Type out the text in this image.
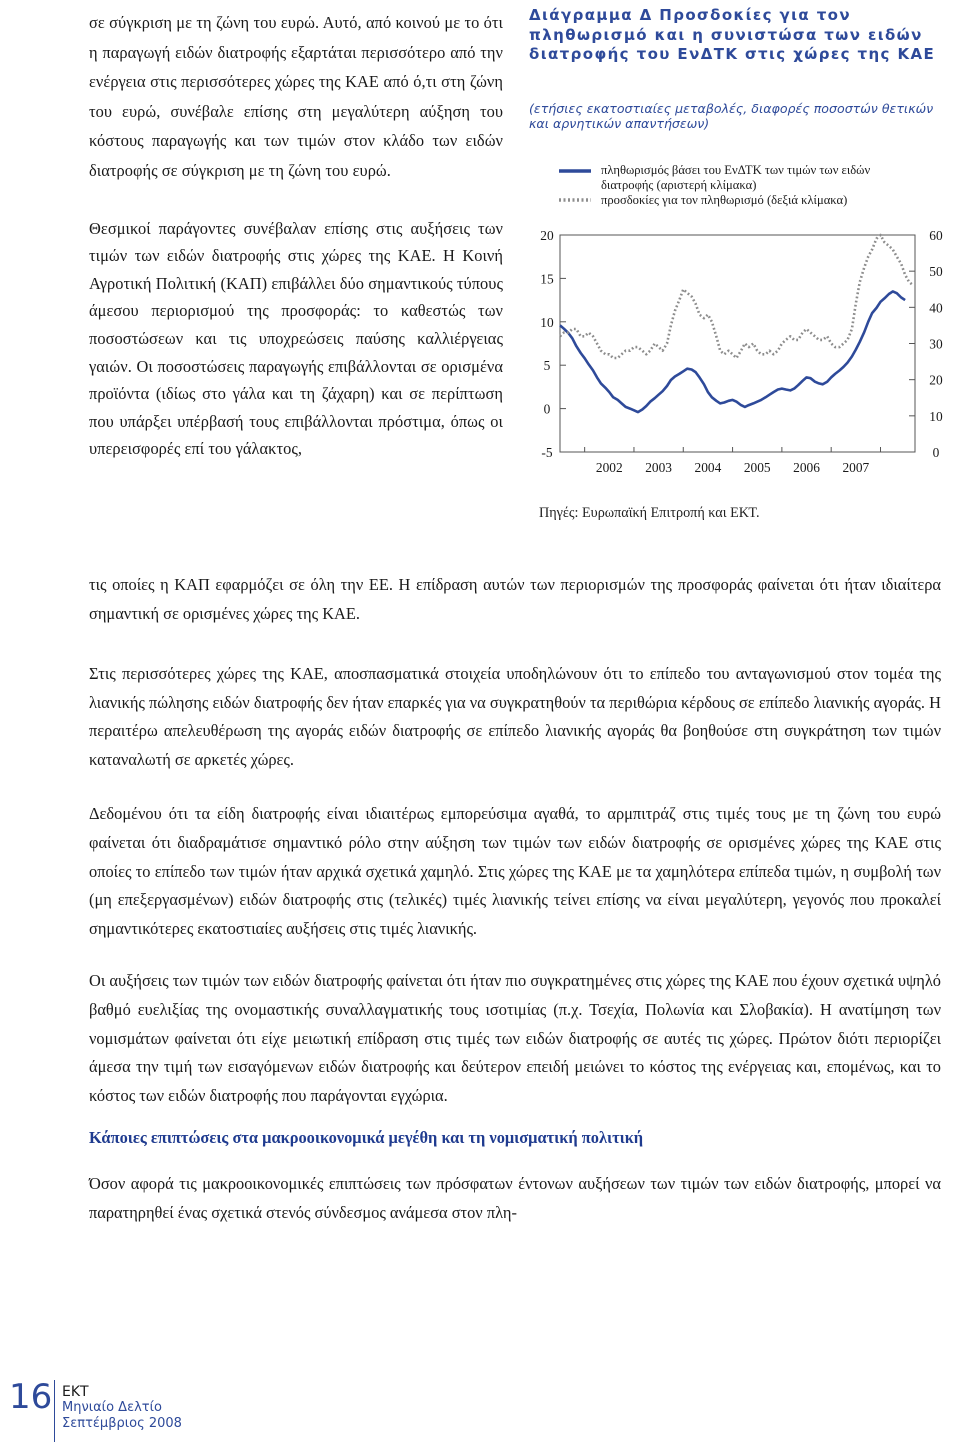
σε σύγκριση με τη ζώνη του ευρώ. Αυτό, από κοινού με το ότι η παραγωγή ειδών διατροφής εξαρτάται περισσότερο από την ενέργεια στις περισσότερες χώρες της ΚΑΕ από ό,τι στη ζώνη του ευρώ, συνέβαλε επίσης στη μεγαλύτερη αύξηση του κόστους παραγωγής και των τιμών στον κλάδο των ειδών διατροφής σε σύγκριση με τη ζώνη του ευρώ.

Θεσμικοί παράγοντες συνέβαλαν επίσης στις αυξήσεις των τιμών των ειδών διατροφής στις χώρες της ΚΑΕ. Η Κοινή Αγροτική Πολιτική (ΚΑΠ) επιβάλλει δύο σημαντικούς τύπους άμεσου περιορισμού της προσφοράς: το καθεστώς των ποσοστώσεων και τις υποχρεώσεις παύσης καλλιέργειας γαιών. Οι ποσοστώσεις παραγωγής επιβάλλονται σε ορισμένα προϊόντα (ιδίως στο γάλα και τη ζάχαρη) και σε περίπτωση που υπάρξει υπέρβασή τους επιβάλλονται πρόστιμα, όπως οι υπερεισφορές επί του γάλακτος,

τις οποίες η ΚΑΠ εφαρμόζει σε όλη την ΕΕ. Η επίδραση αυτών των περιορισμών της προσφοράς φαίνεται ότι ήταν ιδιαίτερα σημαντική σε ορισμένες χώρες της ΚΑΕ.

Διάγραμμα Δ Προσδοκίες για τον πληθωρισμό και η συνιστώσα των ειδών διατροφής του ΕνΔΤΚ στις χώρες της ΚΑΕ

(ετήσιες εκατοστιαίες μεταβολές, διαφορές ποσοστών θετικών και αρνητικών απαντήσεων)

πληθωρισμός βάσει του ΕνΔΤΚ των τιμών των ειδών διατροφής (αριστερή κλίμακα)
προσδοκίες για τον πληθωρισμό (δεξιά κλίμακα)
20
15
10
5
0
-5
60
50
40
30
20
10
0
2002 2003 2004 2005 2006 2007
Πηγές: Ευρωπαϊκή Επιτροπή και ΕΚΤ.

Στις περισσότερες χώρες της ΚΑΕ, αποσπασματικά στοιχεία υποδηλώνουν ότι το επίπεδο του ανταγωνισμού στον τομέα της λιανικής πώλησης ειδών διατροφής δεν ήταν επαρκές για να συγκρατηθούν τα περιθώρια κέρδους σε επίπεδο λιανικής αγοράς. Η περαιτέρω απελευθέρωση της αγοράς ειδών διατροφής σε επίπεδο λιανικής αγοράς θα βοηθούσε στη συγκράτηση των τιμών καταναλωτή σε αρκετές χώρες.

Δεδομένου ότι τα είδη διατροφής είναι ιδιαιτέρως εμπορεύσιμα αγαθά, το αρμπιτράζ στις τιμές τους με τη ζώνη του ευρώ φαίνεται ότι διαδραμάτισε σημαντικό ρόλο στην αύξηση των τιμών των ειδών διατροφής σε ορισμένες χώρες της ΚΑΕ στις οποίες το επίπεδο των τιμών ήταν αρχικά σχετικά χαμηλό. Στις χώρες της ΚΑΕ με τα χαμηλότερα επίπεδα τιμών, η συμβολή των (μη επεξεργασμένων) ειδών διατροφής στις (τελικές) τιμές λιανικής τείνει επίσης να είναι μεγαλύτερη, γεγονός που προκαλεί σημαντικότερες εκατοστιαίες αυξήσεις στις τιμές λιανικής.

Οι αυξήσεις των τιμών των ειδών διατροφής φαίνεται ότι ήταν πιο συγκρατημένες στις χώρες της ΚΑΕ που έχουν σχετικά υψηλό βαθμό ευελιξίας της ονομαστικής συναλλαγματικής τους ισοτιμίας (π.χ. Τσεχία, Πολωνία και Σλοβακία). Η ανατίμηση των νομισμάτων φαίνεται ότι είχε μειωτική επίδραση στις τιμές των ειδών διατροφής σε αυτές τις χώρες. Πρώτον διότι περιορίζει άμεσα την τιμή των εισαγόμενων ειδών διατροφής και δεύτερον επειδή μειώνει το κόστος της ενέργειας και, επομένως, και το κόστος των ειδών διατροφής που παράγονται εγχώρια.

Κάποιες επιπτώσεις στα μακροοικονομικά μεγέθη και τη νομισματική πολιτική

Όσον αφορά τις μακροοικονομικές επιπτώσεις των πρόσφατων έντονων αυξήσεων των τιμών των ειδών διατροφής, μπορεί να παρατηρηθεί ένας σχετικά στενός σύνδεσμος ανάμεσα στον πλη-

16 ΕΚΤ
Μηνιαίο Δελτίο
Σεπτέμβριος 2008
